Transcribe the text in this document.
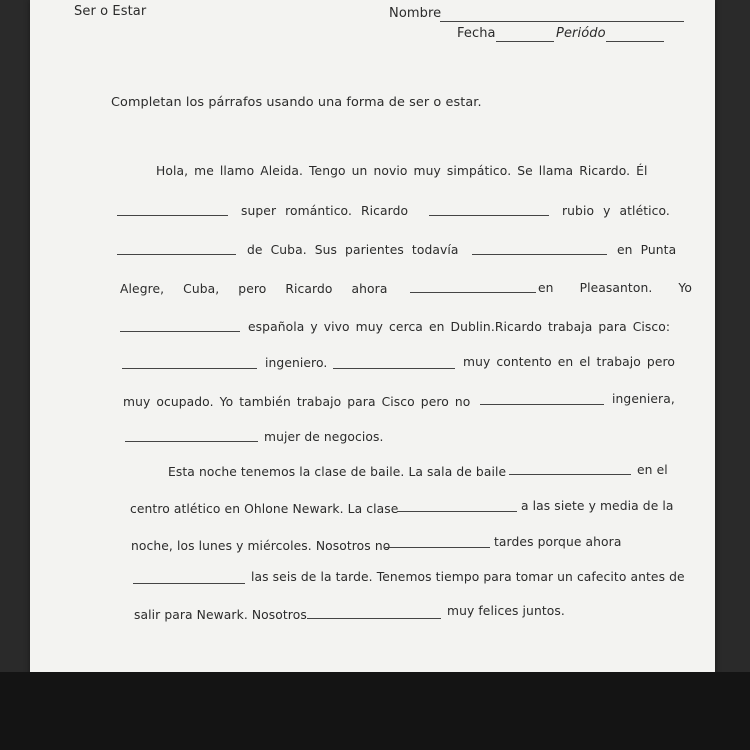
Ser o Estar	Nombre
Fecha	Periódo
Completan los párrafos usando una forma de ser o estar.
Hola, me llamo Aleida. Tengo un novio muy simpático. Se llama Ricardo. Él
super romántico. Ricardo	rubio y atlético.
de Cuba. Sus parientes todavía	en Punta
Alegre, Cuba, pero Ricardo ahora	en Pleasanton. Yo
española y vivo muy cerca en Dublin.Ricardo trabaja para Cisco:
ingeniero.	muy contento en el trabajo pero
muy ocupado. Yo también trabajo para Cisco pero no	ingeniera,
mujer de negocios.
Esta noche tenemos la clase de baile. La sala de baile	en el
centro atlético en Ohlone Newark. La clase	a las siete y media de la
noche, los lunes y miércoles. Nosotros no	tardes porque ahora
las seis de la tarde. Tenemos tiempo para tomar un cafecito antes de
salir para Newark. Nosotros	muy felices juntos.
